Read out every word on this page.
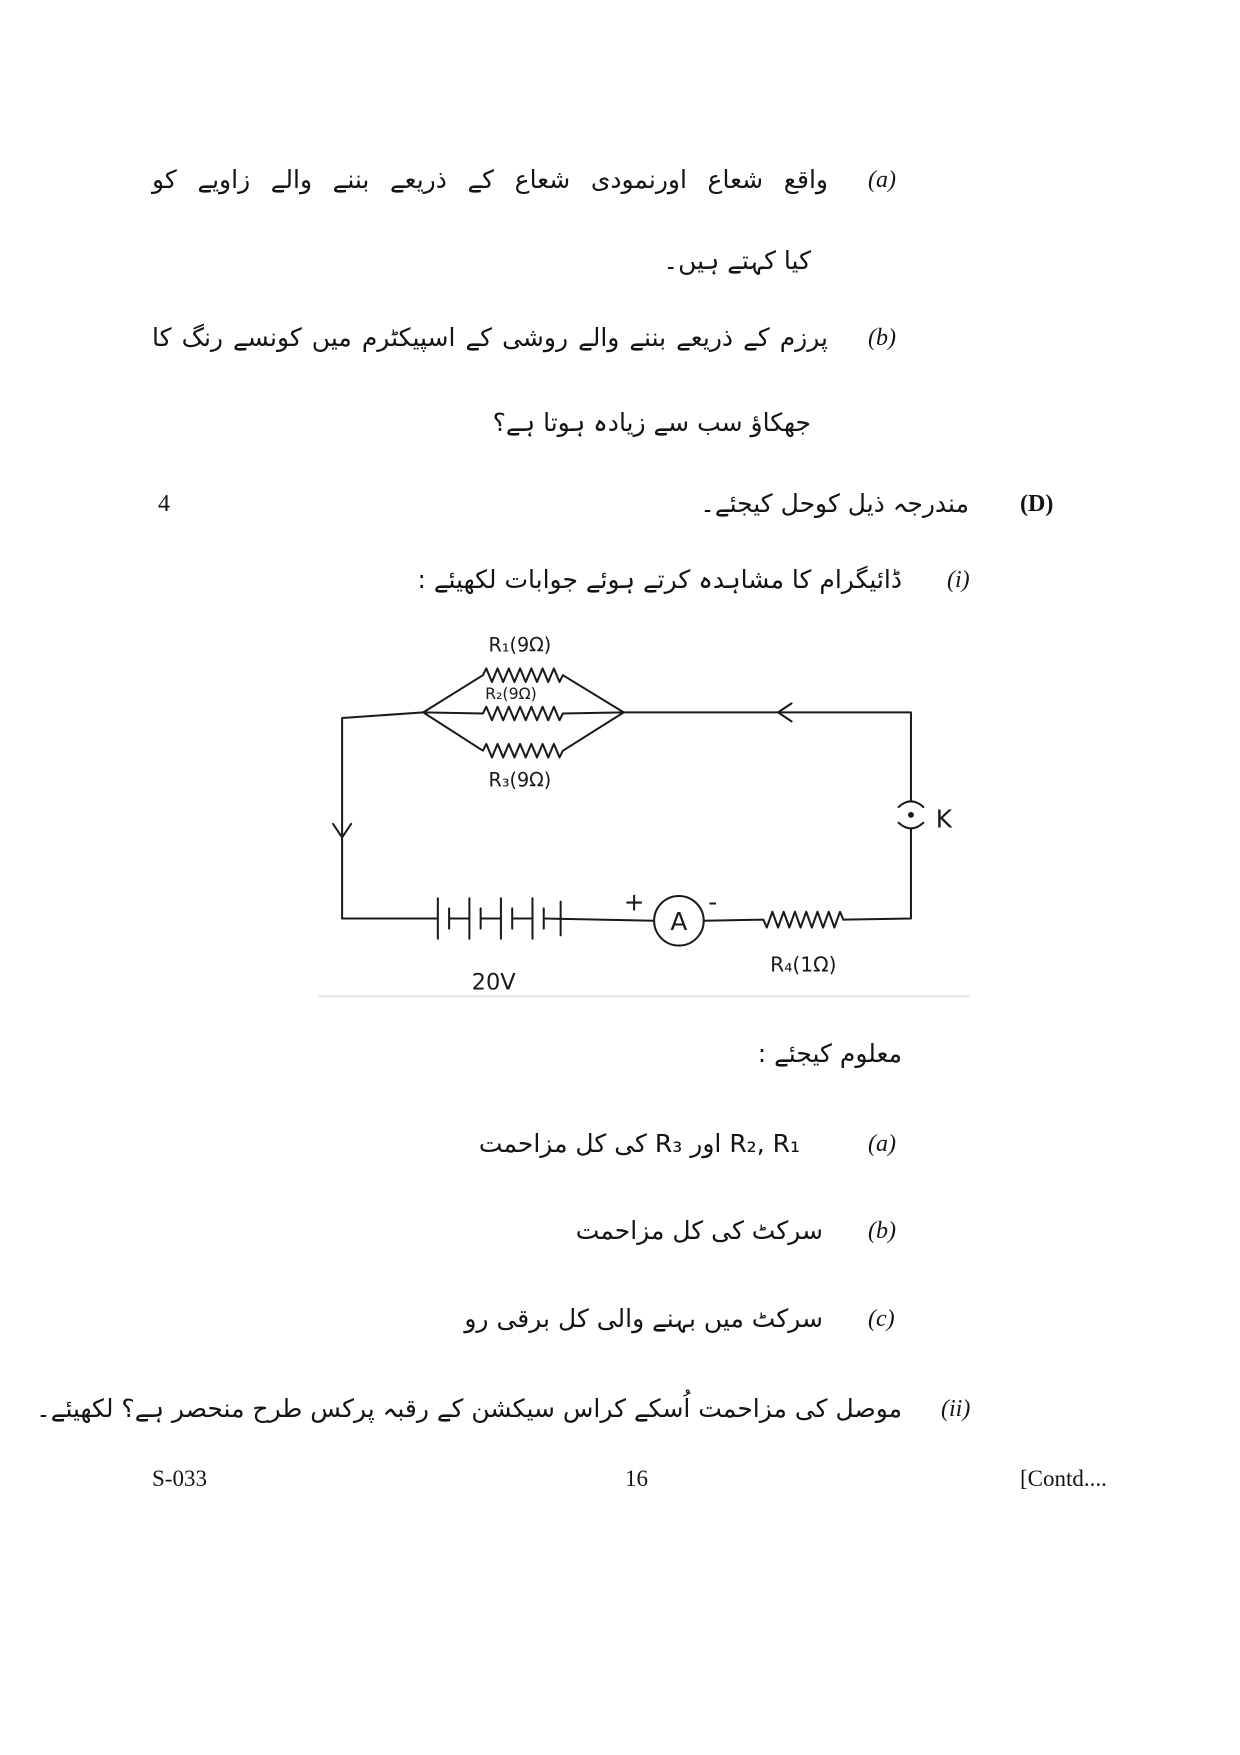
(a)
واقع شعاع اورنمودی شعاع کے ذریعے بننے والے زاویے کو
کیا کہتے ہیں۔
(b)
پرزم کے ذریعے بننے والے روشی کے اسپیکٹرم میں کونسے رنگ کا
جھکاؤ سب سے زیادہ ہوتا ہے؟
4	(D)
مندرجہ ذیل کوحل کیجئے۔
(i)
ڈائیگرام کا مشاہدہ کرتے ہوئے جوابات لکھیئے :
R₁(9Ω)
R₂(9Ω)
R₃(9Ω)
K
+
A
-
R₄(1Ω)
20V
معلوم کیجئے :
(a)
R₂, R₁ اور R₃ کی کل مزاحمت
(b)
سرکٹ کی کل مزاحمت
(c)
سرکٹ میں بہنے والی کل برقی رو
(ii)
موصل کی مزاحمت اُسکے کراس سیکشن کے رقبہ پرکس طرح منحصر ہے؟ لکھیئے۔
S-033	16	[Contd....
